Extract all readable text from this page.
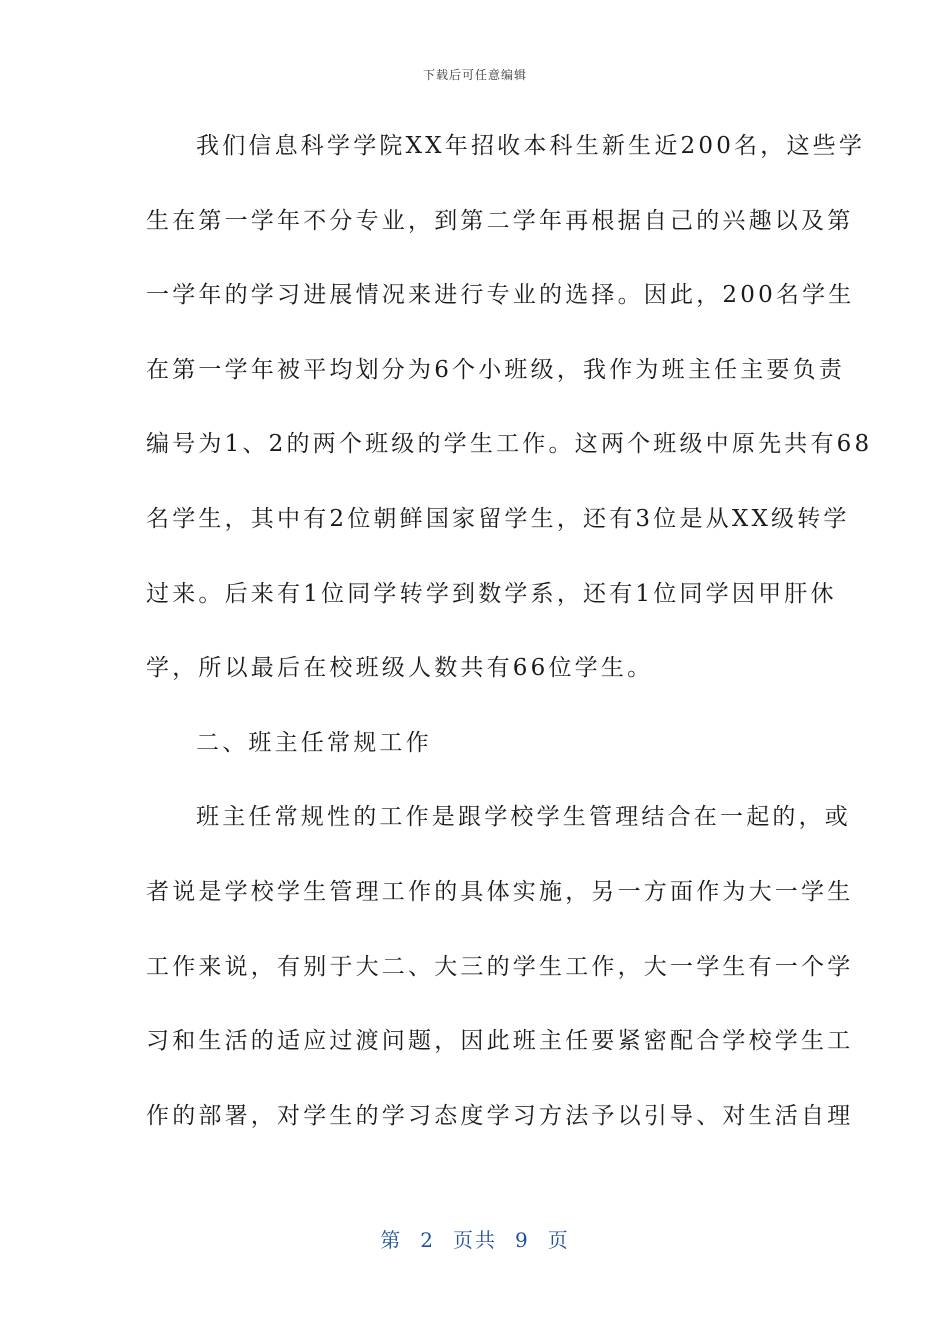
下载后可任意编辑
我们信息科学学院XX年招收本科生新生近200名，这些学
生在第一学年不分专业，到第二学年再根据自己的兴趣以及第
一学年的学习进展情况来进行专业的选择。因此，200名学生
在第一学年被平均划分为6个小班级，我作为班主任主要负责
编号为1、2的两个班级的学生工作。这两个班级中原先共有68
名学生，其中有2位朝鲜国家留学生，还有3位是从XX级转学
过来。后来有1位同学转学到数学系，还有1位同学因甲肝休
学，所以最后在校班级人数共有66位学生。
二、班主任常规工作
班主任常规性的工作是跟学校学生管理结合在一起的，或
者说是学校学生管理工作的具体实施，另一方面作为大一学生
工作来说，有别于大二、大三的学生工作，大一学生有一个学
习和生活的适应过渡问题，因此班主任要紧密配合学校学生工
作的部署，对学生的学习态度学习方法予以引导、对生活自理
第 2 页共 9 页
